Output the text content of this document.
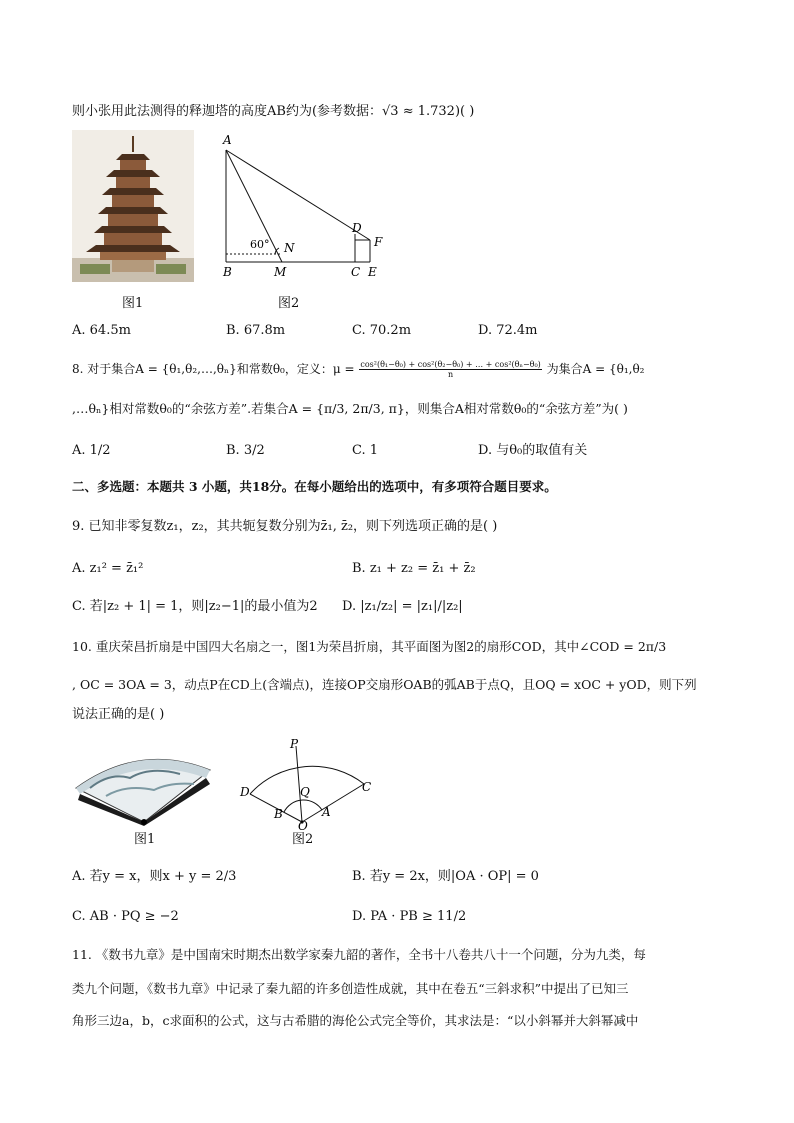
则小张用此法测得的释迦塔的高度AB约为(参考数据：√3 ≈ 1.732)( )
图1
A
B	M
N
C E
D
F
60°
图2
A. 64.5m	B. 67.8m	C. 70.2m	D. 72.4m
8. 对于集合A = {θ₁,θ₂,…,θₙ}和常数θ₀，定义：$\mu = \frac{\text{cos²(θ₁−θ₀) + cos²(θ₂−θ₀) + … + cos²(θₙ−θ₀)}}{n}$ 为集合A = {θ₁,θ₂
,…θₙ}相对常数θ₀的“余弦方差”.若集合A = {π/3, 2π/3, π}，则集合A相对常数θ₀的“余弦方差”为( )
A. 1/2	B. 3/2	C. 1	D. 与θ₀的取值有关
二、多选题：本题共 3 小题，共18分。在每小题给出的选项中，有多项符合题目要求。
9. 已知非零复数z₁，z₂，其共轭复数分别为z̄₁, z̄₂，则下列选项正确的是( )
A. z₁² = z̄₁²	B. z₁ + z₂ = z̄₁ + z̄₂
C. 若|z₂ + 1| = 1，则|z₂−1|的最小值为2 D. |z₁/z₂| = |z₁|/|z₂|
10. 重庆荣昌折扇是中国四大名扇之一，图1为荣昌折扇，其平面图为图2的扇形COD，其中∠COD = 2π/3
, OC = 3OA = 3，动点P在CD上(含端点)，连接OP交扇形OAB的弧AB于点Q，且OQ = xOC + yOD，则下列
说法正确的是( )
图1
P
Q	C
D
A
B
O
图2
A. 若y = x，则x + y = 2/3	B. 若y = 2x，则|OA · OP| = 0
C. AB · PQ ≥ −2	D. PA · PB ≥ 11/2
11. 《数书九章》是中国南宋时期杰出数学家秦九韶的著作，全书十八卷共八十一个问题，分为九类，每
类九个问题，《数书九章》中记录了秦九韶的许多创造性成就，其中在卷五“三斜求积”中提出了已知三
角形三边a，b，c求面积的公式，这与古希腊的海伦公式完全等价，其求法是：“以小斜幂并大斜幂减中
